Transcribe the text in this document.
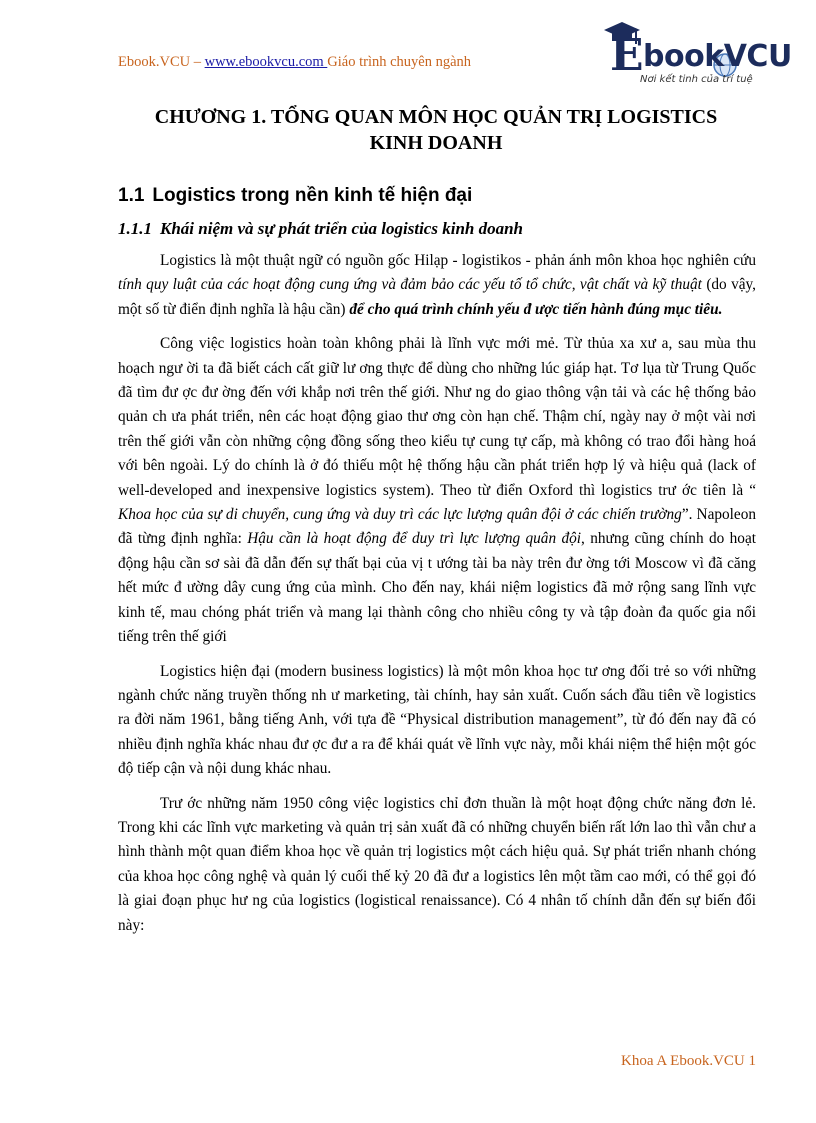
Ebook.VCU – www.ebookvcu.com Giáo trình chuyên ngành	EbookVCU
Nơi kết tinh của trí tuệ
CHƯƠNG 1. TỔNG QUAN MÔN HỌC QUẢN TRỊ LOGISTICS
KINH DOANH
1.1 Logistics trong nền kinh tế hiện đại
1.1.1 Khái niệm và sự phát triển của logistics kinh doanh

Logistics là một thuật ngữ có nguồn gốc Hilạp - logistikos - phản ánh môn khoa học nghiên cứu tính quy luật của các hoạt động cung ứng và đảm bảo các yếu tố tổ chức, vật chất và kỹ thuật (do vậy, một số từ điển định nghĩa là hậu cần) để cho quá trình chính yếu đ ược tiến hành đúng mục tiêu.

Công việc logistics hoàn toàn không phải là lĩnh vực mới mẻ. Từ thủa xa xư a, sau mùa thu hoạch ngư ời ta đã biết cách cất giữ lư ơng thực để dùng cho những lúc giáp hạt. Tơ lụa từ Trung Quốc đã tìm đư ợc đư ờng đến với khắp nơi trên thế giới. Như ng do giao thông vận tải và các hệ thống bảo quản ch ưa phát triển, nên các hoạt động giao thư ơng còn hạn chế. Thậm chí, ngày nay ở một vài nơi trên thế giới vẫn còn những cộng đồng sống theo kiểu tự cung tự cấp, mà không có trao đổi hàng hoá với bên ngoài. Lý do chính là ở đó thiếu một hệ thống hậu cần phát triển hợp lý và hiệu quả (lack of well-developed and inexpensive logistics system). Theo từ điển Oxford thì logistics trư ớc tiên là “ Khoa học của sự di chuyển, cung ứng và duy trì các lực lượng quân đội ở các chiến trường”. Napoleon đã từng định nghĩa: Hậu cần là hoạt động để duy trì lực lượng quân đội, nhưng cũng chính do hoạt động hậu cần sơ sài đã dẫn đến sự thất bại của vị t ướng tài ba này trên đư ờng tới Moscow vì đã căng hết mức đ ường dây cung ứng của mình. Cho đến nay, khái niệm logistics đã mở rộng sang lĩnh vực kinh tế, mau chóng phát triển và mang lại thành công cho nhiều công ty và tập đoàn đa quốc gia nổi tiếng trên thế giới

Logistics hiện đại (modern business logistics) là một môn khoa học tư ơng đối trẻ so với những ngành chức năng truyền thống nh ư marketing, tài chính, hay sản xuất. Cuốn sách đầu tiên về logistics ra đời năm 1961, bằng tiếng Anh, với tựa đề “Physical distribution management”, từ đó đến nay đã có nhiều định nghĩa khác nhau đư ợc đư a ra để khái quát về lĩnh vực này, mỗi khái niệm thể hiện một góc độ tiếp cận và nội dung khác nhau.

Trư ớc những năm 1950 công việc logistics chỉ đơn thuần là một hoạt động chức năng đơn lẻ. Trong khi các lĩnh vực marketing và quản trị sản xuất đã có những chuyển biến rất lớn lao thì vẫn chư a hình thành một quan điểm khoa học về quản trị logistics một cách hiệu quả. Sự phát triển nhanh chóng của khoa học công nghệ và quản lý cuối thế kỷ 20 đã đư a logistics lên một tầm cao mới, có thể gọi đó là giai đoạn phục hư ng của logistics (logistical renaissance). Có 4 nhân tố chính dẫn đến sự biến đổi này:

Khoa A Ebook.VCU 1
